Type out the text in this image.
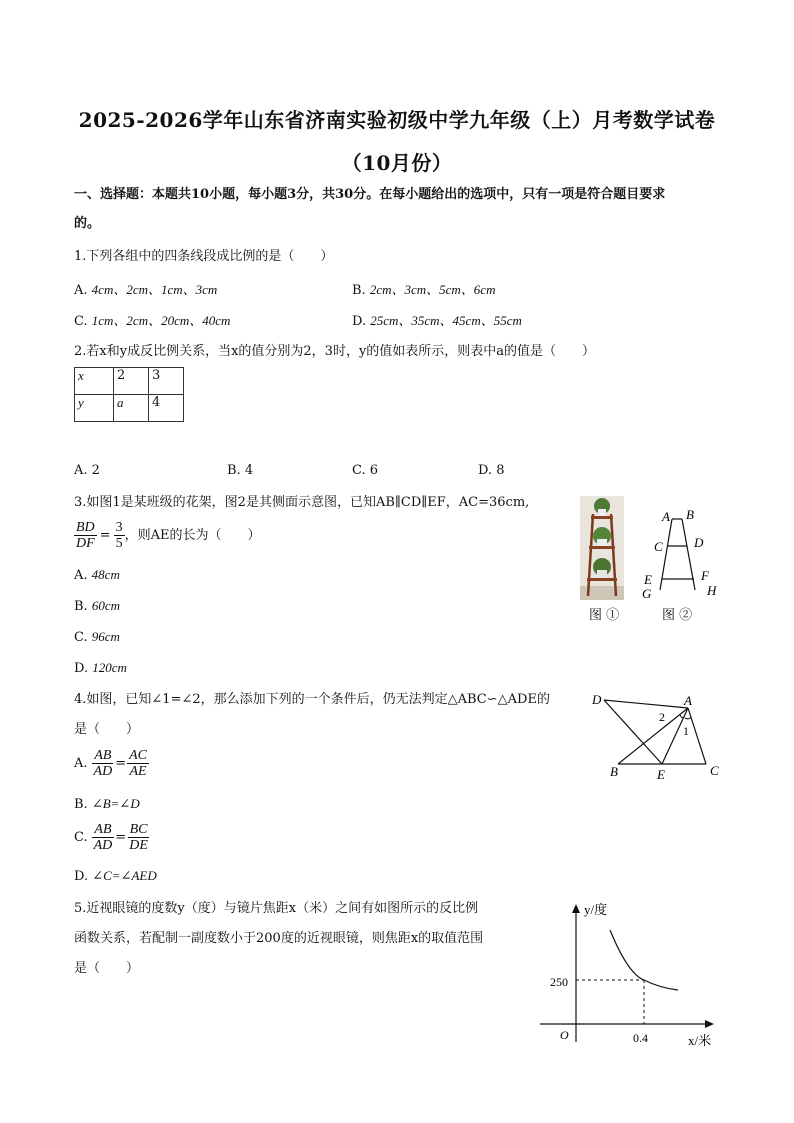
2025-2026学年山东省济南实验初级中学九年级（上）月考数学试卷
（10月份）
一、选择题：本题共10小题，每小题3分，共30分。在每小题给出的选项中，只有一项是符合题目要求
的。
1.下列各组中的四条线段成比例的是（　　）
A. 4cm、2cm、1cm、3cm	B. 2cm、3cm、5cm、6cm
C. 1cm、2cm、20cm、40cm	D. 25cm、35cm、45cm、55cm
2.若x和y成反比例关系，当x的值分别为2，3时，y的值如表所示，则表中a的值是（　　）
x	2	3
y	a	4
A. 2	B. 4	C. 6	D. 8
3.如图1是某班级的花架，图2是其侧面示意图，已知AB∥CD∥EF，AC=36cm,
$\frac{BD}{DF} = \frac{3}{5}$ ，则AE的长为（　　）
A. 48cm
B. 60cm
C. 96cm
D. 120cm
图 ①
A B
C D
E	F
G	H
图 ②
4.如图，已知∠1=∠2，那么添加下列的一个条件后，仍无法判定△ABC∽△ADE的
是（　　）
A. $\frac{AB}{AD} = \frac{AC}{AE}$
B. ∠B=∠D
C. $\frac{AB}{AD} = \frac{BC}{DE}$
D. ∠C=∠AED
D	A
2
1
B	E	C
5.近视眼镜的度数y（度）与镜片焦距x（米）之间有如图所示的反比例
函数关系，若配制一副度数小于200度的近视眼镜，则焦距x的取值范围
是（　　）
y/度
250
O	0.4	x/米
